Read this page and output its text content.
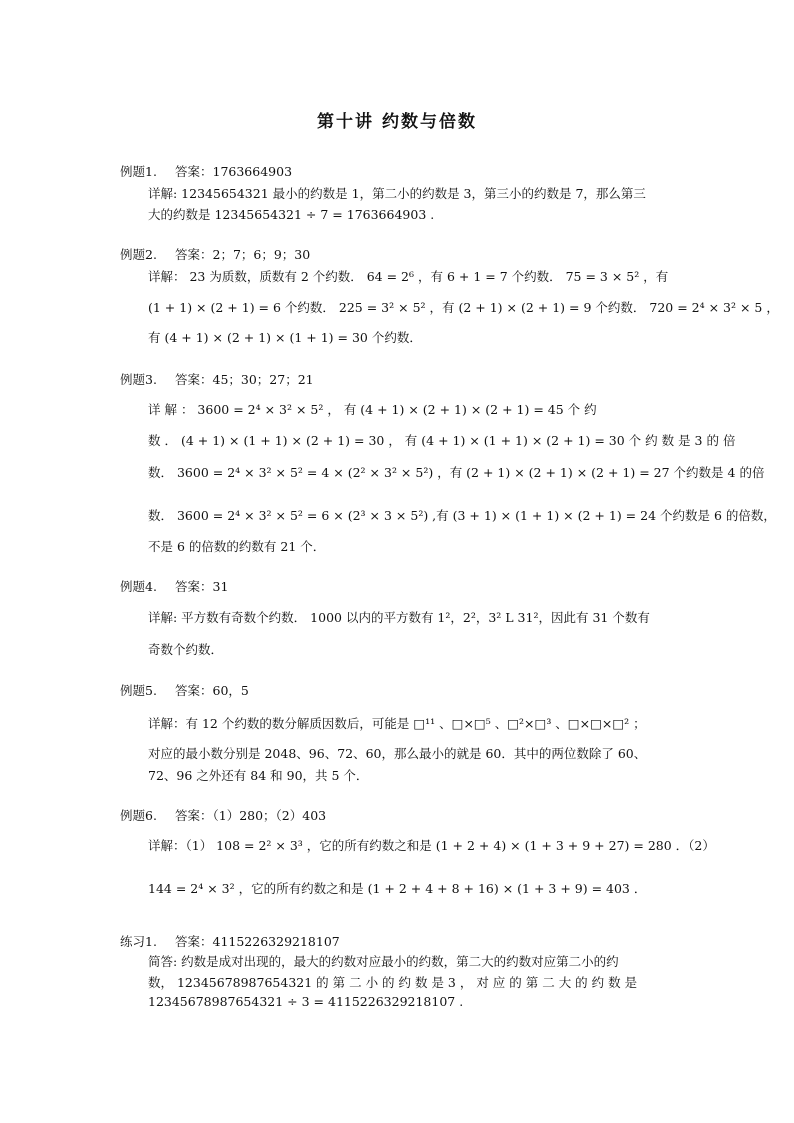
第十讲 约数与倍数
例题1. 答案：1763664903
详解: 12345654321 最小的约数是 1，第二小的约数是 3，第三小的约数是 7，那么第三
大的约数是 12345654321 ÷ 7 = 1763664903 .
例题2. 答案：2；7；6；9；30
详解： 23 为质数，质数有 2 个约数． 64 = 2⁶ ，有 6 + 1 = 7 个约数． 75 = 3 × 5² ，有
(1 + 1) × (2 + 1) = 6 个约数． 225 = 3² × 5² ，有 (2 + 1) × (2 + 1) = 9 个约数． 720 = 2⁴ × 3² × 5 ，
有 (4 + 1) × (2 + 1) × (1 + 1) = 30 个约数．
例题3. 答案：45；30；27；21
详 解 ： 3600 = 2⁴ × 3² × 5² ， 有 (4 + 1) × (2 + 1) × (2 + 1) = 45 个 约
数 ． (4 + 1) × (1 + 1) × (2 + 1) = 30 ， 有 (4 + 1) × (1 + 1) × (2 + 1) = 30 个 约 数 是 3 的 倍
数． 3600 = 2⁴ × 3² × 5² = 4 × (2² × 3² × 5²) ，有 (2 + 1) × (2 + 1) × (2 + 1) = 27 个约数是 4 的倍
数． 3600 = 2⁴ × 3² × 5² = 6 × (2³ × 3 × 5²) ,有 (3 + 1) × (1 + 1) × (2 + 1) = 24 个约数是 6 的倍数，
不是 6 的倍数的约数有 21 个．
例题4. 答案：31
详解: 平方数有奇数个约数． 1000 以内的平方数有 1²，2²，3² L 31²，因此有 31 个数有
奇数个约数．
例题5. 答案：60，5
详解：有 12 个约数的数分解质因数后，可能是 □¹¹ 、□×□⁵ 、□²×□³ 、□×□×□² ；
对应的最小数分别是 2048、96、72、60，那么最小的就是 60．其中的两位数除了 60、
72、96 之外还有 84 和 90，共 5 个．
例题6. 答案：（1）280；（2）403
详解：（1） 108 = 2² × 3³ ，它的所有约数之和是 (1 + 2 + 4) × (1 + 3 + 9 + 27) = 280 ．（2）
144 = 2⁴ × 3² ，它的所有约数之和是 (1 + 2 + 4 + 8 + 16) × (1 + 3 + 9) = 403 ．
练习1. 答案：4115226329218107
简答: 约数是成对出现的，最大的约数对应最小的约数，第二大的约数对应第二小的约
数， 12345678987654321 的 第 二 小 的 约 数 是 3 ， 对 应 的 第 二 大 的 约 数 是
12345678987654321 ÷ 3 = 4115226329218107 .
